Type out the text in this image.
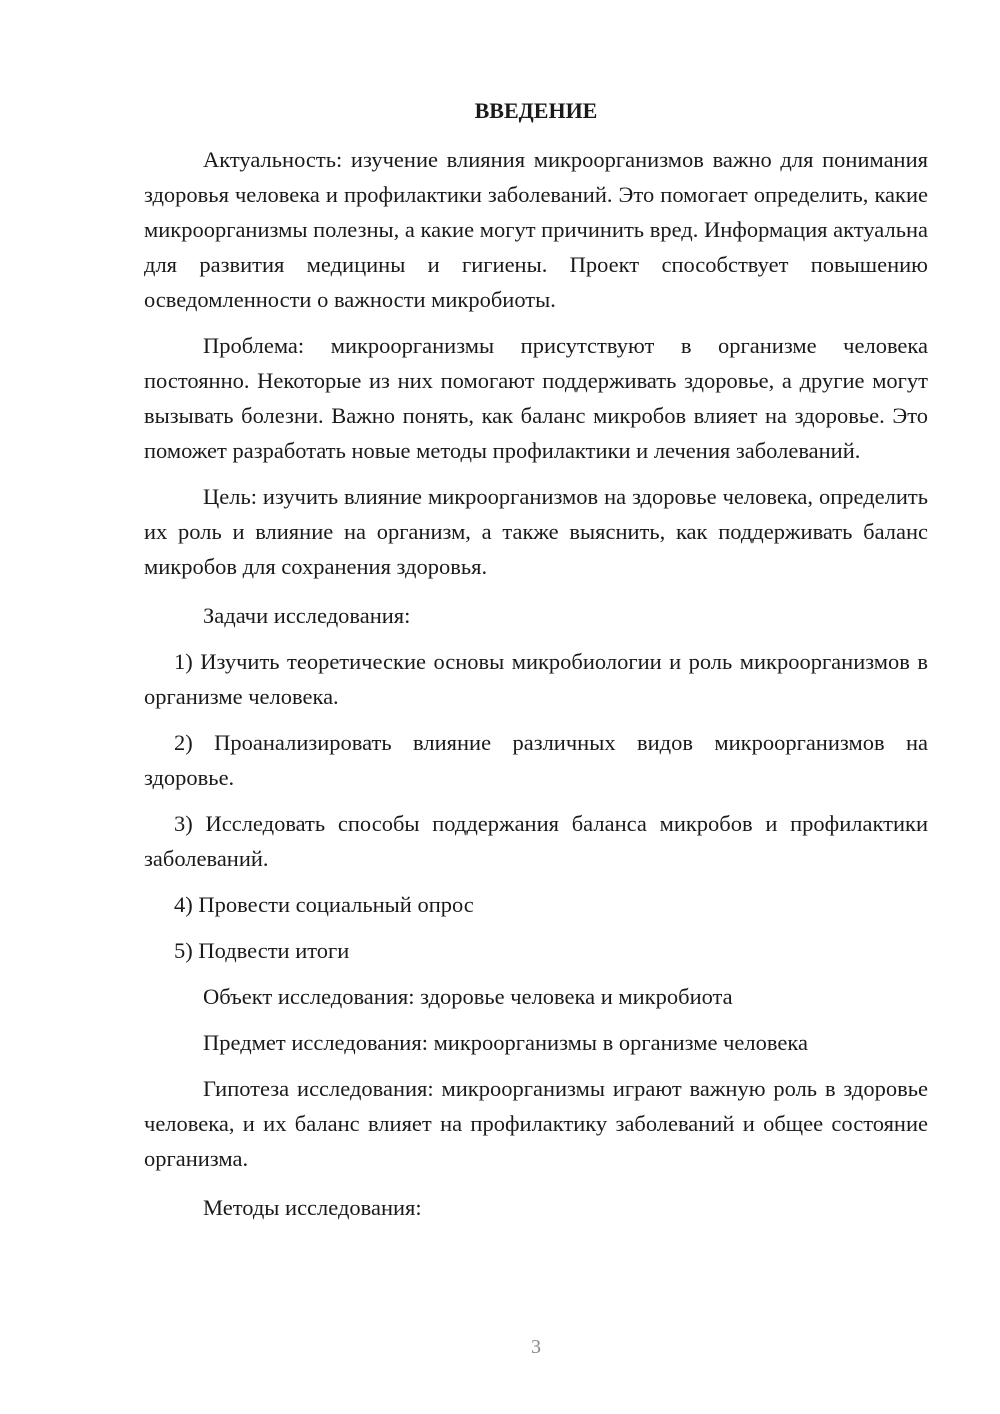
ВВЕДЕНИЕ

Актуальность: изучение влияния микроорганизмов важно для понимания здоровья человека и профилактики заболеваний. Это помогает определить, какие микроорганизмы полезны, а какие могут причинить вред. Информация актуальна для развития медицины и гигиены. Проект способствует повышению осведомленности о важности микробиоты.

Проблема: микроорганизмы присутствуют в организме человека постоянно. Некоторые из них помогают поддерживать здоровье, а другие могут вызывать болезни. Важно понять, как баланс микробов влияет на здоровье. Это поможет разработать новые методы профилактики и лечения заболеваний.

Цель: изучить влияние микроорганизмов на здоровье человека, определить их роль и влияние на организм, а также выяснить, как поддерживать баланс микробов для сохранения здоровья.

Задачи исследования:

1) Изучить теоретические основы микробиологии и роль микроорганизмов в организме человека.

2) Проанализировать влияние различных видов микроорганизмов на здоровье.

3) Исследовать способы поддержания баланса микробов и профилактики заболеваний.

4) Провести социальный опрос

5) Подвести итоги

Объект исследования: здоровье человека и микробиота

Предмет исследования: микроорганизмы в организме человека

Гипотеза исследования: микроорганизмы играют важную роль в здоровье человека, и их баланс влияет на профилактику заболеваний и общее состояние организма.

Методы исследования:

3
